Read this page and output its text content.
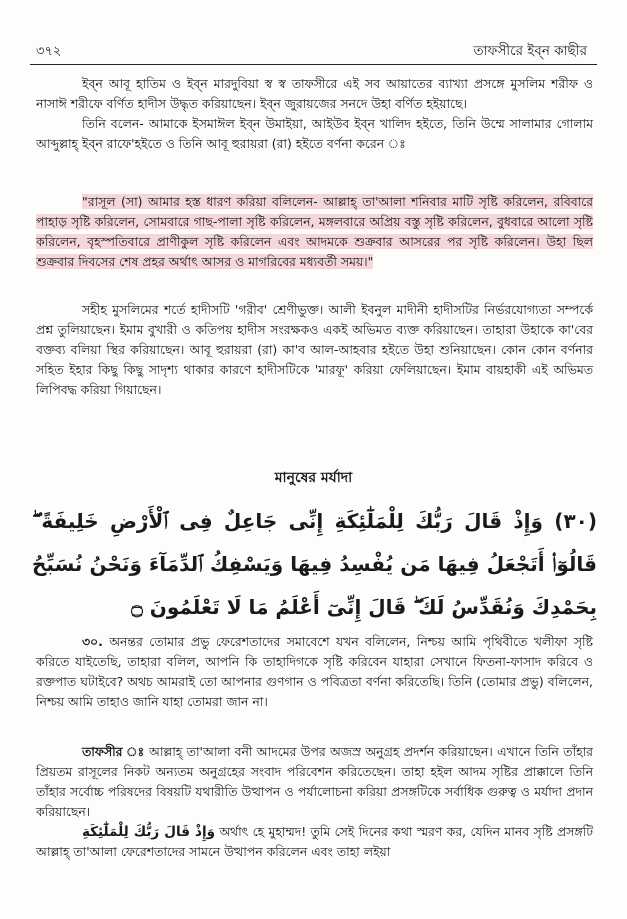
৩৭২	তাফসীরে ইব্‌ন কাছীর

ইব্‌ন আবূ হাতিম ও ইব্‌ন মারদুবিয়া স্ব স্ব তাফসীরে এই সব আয়াতের ব্যাখ্যা প্রসঙ্গে মুসলিম শরীফ ও নাসাঈ শরীফে বর্ণিত হাদীস উদ্ধৃত করিয়াছেন। ইব্‌ন জুরায়জের সনদে উহা বর্ণিত হইয়াছে।

তিনি বলেন- আমাকে ইসমাঈল ইব্‌ন উমাইয়া, আইউব ইব্‌ন খালিদ হইতে, তিনি উম্মে সালামার গোলাম আব্দুল্লাহ্ ইব্‌ন রাফে'হইতে ও তিনি আবূ হুরায়রা (রা) হইতে বর্ণনা করেন ঃ

"রাসূল (সা) আমার হস্ত ধারণ করিয়া বলিলেন- আল্লাহ্ তা'আলা শনিবার মাটি সৃষ্টি করিলেন, রবিবারে পাহাড় সৃষ্টি করিলেন, সোমবারে গাছ-পালা সৃষ্টি করিলেন, মঙ্গলবারে অপ্রিয় বস্তু সৃষ্টি করিলেন, বুধবারে আলো সৃষ্টি করিলেন, বৃহস্পতিবারে প্রাণীকুল সৃষ্টি করিলেন এবং আদমকে শুক্রবার আসরের পর সৃষ্টি করিলেন। উহা ছিল শুক্রবার দিবসের শেষ প্রহর অর্থাৎ আসর ও মাগরিবের মধ্যবর্তী সময়।"

সহীহ মুসলিমের শর্তে হাদীসটি 'গরীব' শ্রেণীভুক্ত। আলী ইবনুল মাদীনী হাদীসটির নির্ভরযোগ্যতা সম্পর্কে প্রশ্ন তুলিয়াছেন। ইমাম বুখারী ও কতিপয় হাদীস সংরক্ষকও একই অভিমত ব্যক্ত করিয়াছেন। তাহারা উহাকে কা'বের বক্তব্য বলিয়া স্থির করিয়াছেন। আবূ হুরায়রা (রা) কা'ব আল-আহবার হইতে উহা শুনিয়াছেন। কোন কোন বর্ণনার সহিত ইহার কিছু কিছু সাদৃশ্য থাকার কারণে হাদীসটিকে 'মারফূ' করিয়া ফেলিয়াছেন। ইমাম বায়হাকী এই অভিমত লিপিবদ্ধ করিয়া গিয়াছেন।

মানুষের মর্যাদা
(٣٠) وَإِذْ قَالَ رَبُّكَ لِلْمَلَٰٓئِكَةِ إِنِّى جَاعِلٌ فِى ٱلْأَرْضِ خَلِيفَةً ۖ قَالُوٓا۟ أَتَجْعَلُ فِيهَا مَن يُفْسِدُ فِيهَا وَيَسْفِكُ ٱلدِّمَآءَ وَنَحْنُ نُسَبِّحُ بِحَمْدِكَ وَنُقَدِّسُ لَكَ ۖ قَالَ إِنِّىٓ أَعْلَمُ مَا لَا تَعْلَمُونَ ۝

৩০. অনন্তর তোমার প্রভু ফেরেশতাদের সমাবেশে যখন বলিলেন, নিশ্চয় আমি পৃথিবীতে খলীফা সৃষ্টি করিতে যাইতেছি, তাহারা বলিল, আপনি কি তাহাদিগকে সৃষ্টি করিবেন যাহারা সেখানে ফিতনা-ফাসাদ করিবে ও রক্তপাত ঘটাইবে? অথচ আমরাই তো আপনার গুণগান ও পবিত্রতা বর্ণনা করিতেছি। তিনি (তোমার প্রভু) বলিলেন, নিশ্চয় আমি তাহাও জানি যাহা তোমরা জান না।

তাফসীর ঃ আল্লাহ্ তা'আলা বনী আদমের উপর অজস্র অনুগ্রহ প্রদর্শন করিয়াছেন। এখানে তিনি তাঁহার প্রিয়তম রাসূলের নিকট অন্যতম অনুগ্রহের সংবাদ পরিবেশন করিতেছেন। তাহা হইল আদম সৃষ্টির প্রাক্কালে তিনি তাঁহার সর্বোচ্চ পরিষদের বিষয়টি যথারীতি উত্থাপন ও পর্যালোচনা করিয়া প্রসঙ্গটিকে সর্বাধিক গুরুত্ব ও মর্যাদা প্রদান করিয়াছেন।

وَإِذْ قَالَ رَبُّكَ لِلْمَلَٰٓئِكَةِ অর্থাৎ হে মুহাম্মদ! তুমি সেই দিনের কথা স্মরণ কর, যেদিন মানব সৃষ্টি প্রসঙ্গটি আল্লাহ্ তা'আলা ফেরেশতাদের সামনে উত্থাপন করিলেন এবং তাহা লইয়া
